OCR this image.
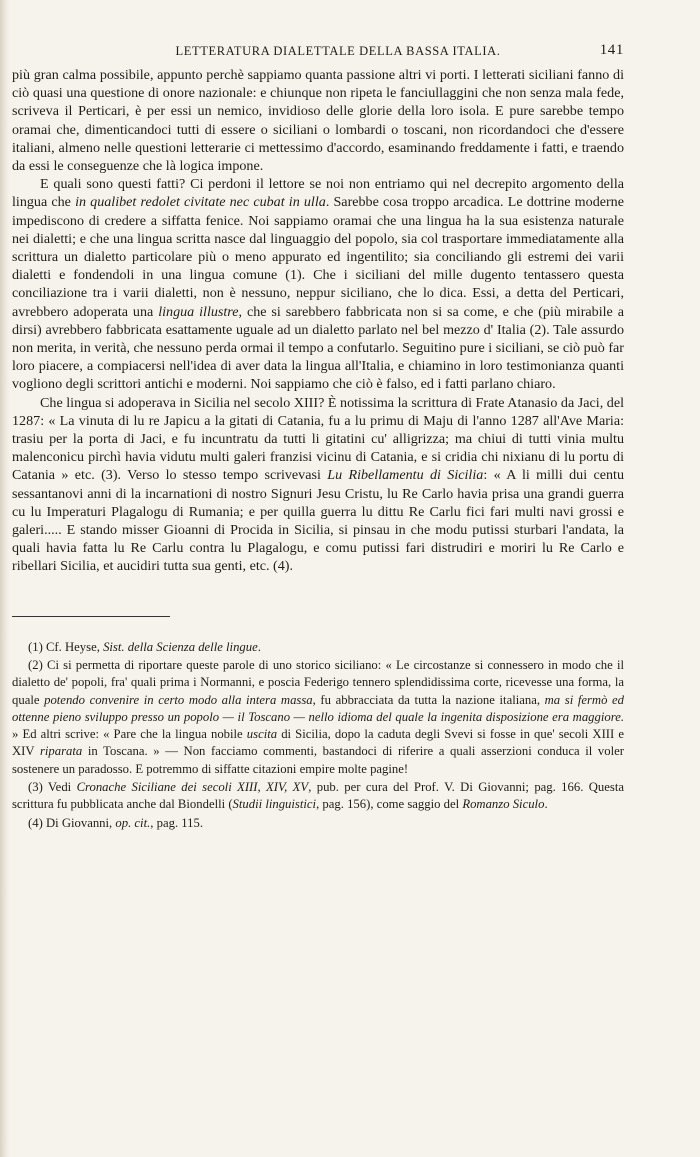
LETTERATURA DIALETTALE DELLA BASSA ITALIA.	141

più gran calma possibile, appunto perchè sappiamo quanta passione altri vi porti. I letterati siciliani fanno di ciò quasi una questione di onore nazionale: e chiunque non ripeta le fanciullaggini che non senza mala fede, scriveva il Perticari, è per essi un nemico, invidioso delle glorie della loro isola. E pure sarebbe tempo oramai che, dimenticandoci tutti di essere o siciliani o lombardi o toscani, non ricordandoci che d'essere italiani, almeno nelle questioni letterarie ci mettessimo d'accordo, esaminando freddamente i fatti, e traendo da essi le conseguenze che là logica impone.

E quali sono questi fatti? Ci perdoni il lettore se noi non entriamo qui nel decrepito argomento della lingua che in qualibet redolet civitate nec cubat in ulla. Sarebbe cosa troppo arcadica. Le dottrine moderne impediscono di credere a siffatta fenice. Noi sappiamo oramai che una lingua ha la sua esistenza naturale nei dialetti; e che una lingua scritta nasce dal linguaggio del popolo, sia col trasportare immediatamente alla scrittura un dialetto particolare più o meno appurato ed ingentilito; sia conciliando gli estremi dei varii dialetti e fondendoli in una lingua comune (1). Che i siciliani del mille dugento tentassero questa conciliazione tra i varii dialetti, non è nessuno, neppur siciliano, che lo dica. Essi, a detta del Perticari, avrebbero adoperata una lingua illustre, che si sarebbero fabbricata non si sa come, e che (più mirabile a dirsi) avrebbero fabbricata esattamente uguale ad un dialetto parlato nel bel mezzo d' Italia (2). Tale assurdo non merita, in verità, che nessuno perda ormai il tempo a confutarlo. Seguitino pure i siciliani, se ciò può far loro piacere, a compiacersi nell'idea di aver data la lingua all'Italia, e chiamino in loro testimonianza quanti vogliono degli scrittori antichi e moderni. Noi sappiamo che ciò è falso, ed i fatti parlano chiaro.

Che lingua si adoperava in Sicilia nel secolo XIII? È notissima la scrittura di Frate Atanasio da Jaci, del 1287: « La vinuta di lu re Japicu a la gitati di Catania, fu a lu primu di Maju di l'anno 1287 all'Ave Maria: trasiu per la porta di Jaci, e fu incuntratu da tutti li gitatini cu' alligrizza; ma chiui di tutti vinia multu malenconicu pirchì havia vidutu multi galeri franzisi vicinu di Catania, e si cridia chi nixianu di lu portu di Catania » etc. (3). Verso lo stesso tempo scrivevasi Lu Ribellamentu di Sicilia: « A li milli dui centu sessantanovi anni di la incarnationi di nostro Signuri Jesu Cristu, lu Re Carlo havia prisa una grandi guerra cu lu Imperaturi Plagalogu di Rumania; e per quilla guerra lu dittu Re Carlu fici fari multi navi grossi e galeri..... E stando misser Gioanni di Procida in Sicilia, si pinsau in che modu putissi sturbari l'andata, la quali havia fatta lu Re Carlu contra lu Plagalogu, e comu putissi fari distrudiri e moriri lu Re Carlo e ribellari Sicilia, et aucidiri tutta sua genti, etc. (4).

(1) Cf. Heyse, Sist. della Scienza delle lingue.

(2) Ci si permetta di riportare queste parole di uno storico siciliano: « Le circostanze si connessero in modo che il dialetto de' popoli, fra' quali prima i Normanni, e poscia Federigo tennero splendidissima corte, ricevesse una forma, la quale potendo convenire in certo modo alla intera massa, fu abbracciata da tutta la nazione italiana, ma si fermò ed ottenne pieno sviluppo presso un popolo — il Toscano — nello idioma del quale la ingenita disposizione era maggiore. » Ed altri scrive: « Pare che la lingua nobile uscita di Sicilia, dopo la caduta degli Svevi si fosse in que' secoli XIII e XIV riparata in Toscana. » — Non facciamo commenti, bastandoci di riferire a quali asserzioni conduca il voler sostenere un paradosso. E potremmo di siffatte citazioni empire molte pagine!

(3) Vedi Cronache Siciliane dei secoli XIII, XIV, XV, pub. per cura del Prof. V. Di Giovanni; pag. 166. Questa scrittura fu pubblicata anche dal Biondelli (Studii linguistici, pag. 156), come saggio del Romanzo Siculo.

(4) Di Giovanni, op. cit., pag. 115.
